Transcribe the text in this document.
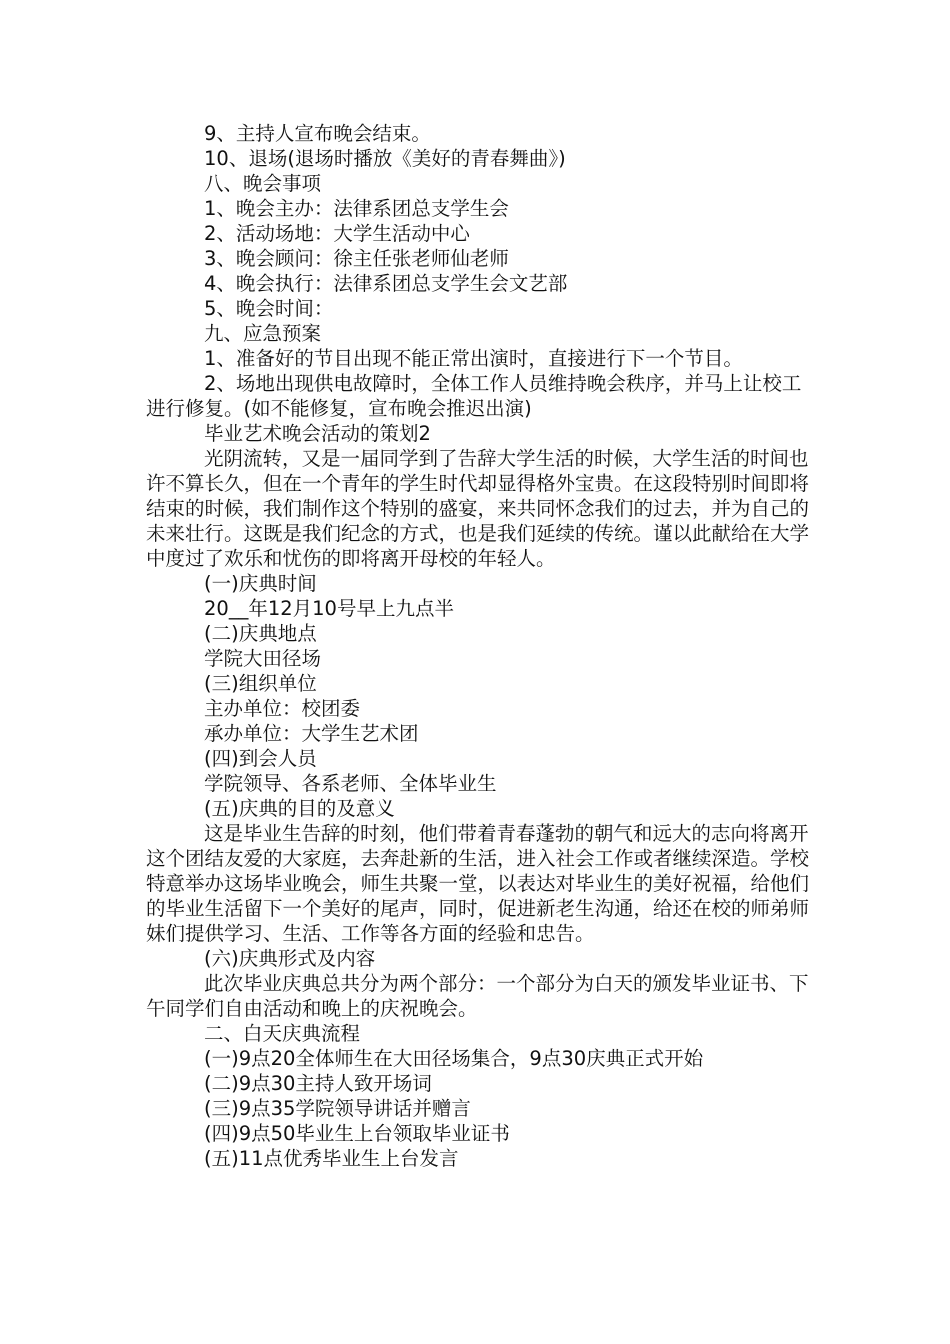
9、主持人宣布晚会结束。

10、退场(退场时播放《美好的青春舞曲》)

八、晚会事项

1、晚会主办：法律系团总支学生会

2、活动场地：大学生活动中心

3、晚会顾问：徐主任张老师仙老师

4、晚会执行：法律系团总支学生会文艺部

5、晚会时间：

九、应急预案

1、准备好的节目出现不能正常出演时，直接进行下一个节目。

2、场地出现供电故障时，全体工作人员维持晚会秩序，并马上让校工进行修复。(如不能修复，宣布晚会推迟出演)

毕业艺术晚会活动的策划2

光阴流转，又是一届同学到了告辞大学生活的时候，大学生活的时间也许不算长久，但在一个青年的学生时代却显得格外宝贵。在这段特别时间即将结束的时候，我们制作这个特别的盛宴，来共同怀念我们的过去，并为自己的未来壮行。这既是我们纪念的方式，也是我们延续的传统。谨以此献给在大学中度过了欢乐和忧伤的即将离开母校的年轻人。

(一)庆典时间

20__年12月10号早上九点半

(二)庆典地点

学院大田径场

(三)组织单位

主办单位：校团委

承办单位：大学生艺术团

(四)到会人员

学院领导、各系老师、全体毕业生

(五)庆典的目的及意义

这是毕业生告辞的时刻，他们带着青春蓬勃的朝气和远大的志向将离开这个团结友爱的大家庭，去奔赴新的生活，进入社会工作或者继续深造。学校特意举办这场毕业晚会，师生共聚一堂，以表达对毕业生的美好祝福，给他们的毕业生活留下一个美好的尾声，同时，促进新老生沟通，给还在校的师弟师妹们提供学习、生活、工作等各方面的经验和忠告。

(六)庆典形式及内容

此次毕业庆典总共分为两个部分：一个部分为白天的颁发毕业证书、下午同学们自由活动和晚上的庆祝晚会。

二、白天庆典流程

(一)9点20全体师生在大田径场集合，9点30庆典正式开始

(二)9点30主持人致开场词

(三)9点35学院领导讲话并赠言

(四)9点50毕业生上台领取毕业证书

(五)11点优秀毕业生上台发言
